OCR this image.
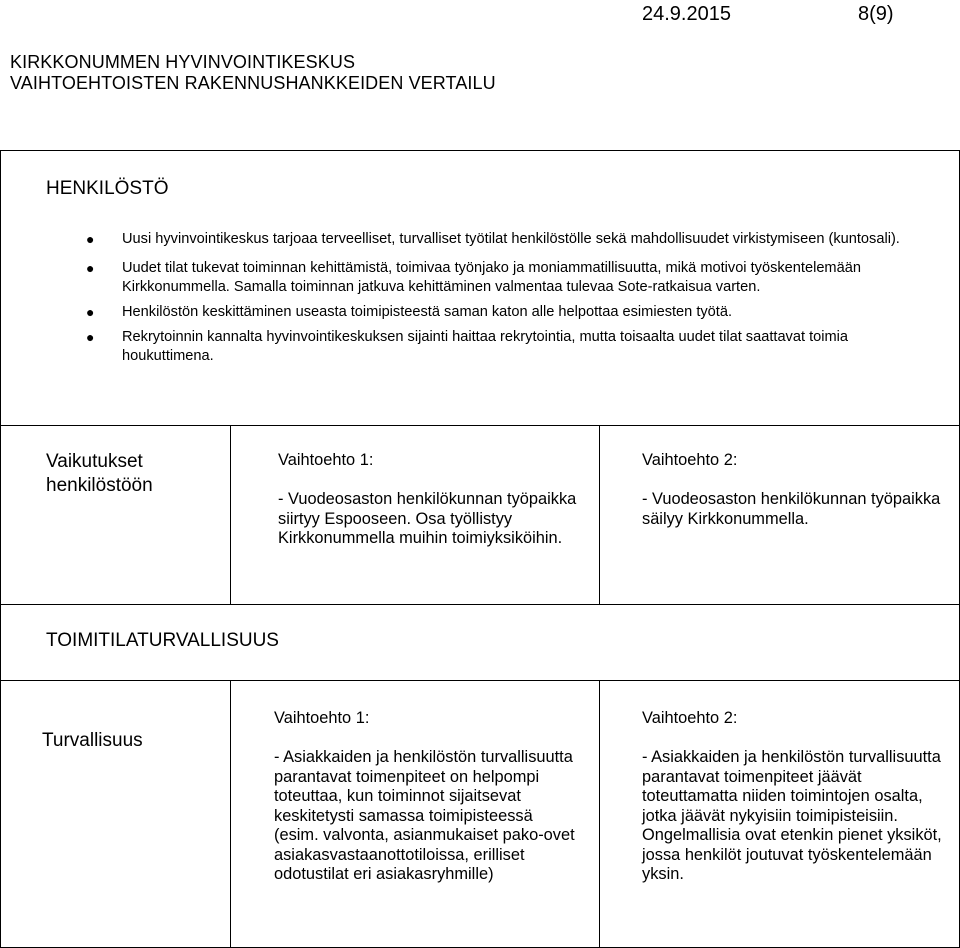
24.9.2015	8(9)
KIRKKONUMMEN HYVINVOINTIKESKUS
VAIHTOEHTOISTEN RAKENNUSHANKKEIDEN VERTAILU
HENKILÖSTÖ
● Uusi hyvinvointikeskus tarjoaa terveelliset, turvalliset työtilat henkilöstölle sekä mahdollisuudet virkistymiseen (kuntosali).
● Uudet tilat tukevat toiminnan kehittämistä, toimivaa työnjako ja moniammatillisuutta, mikä motivoi työskentelemään Kirkkonummella. Samalla toiminnan jatkuva kehittäminen valmentaa tulevaa Sote-ratkaisua varten.
● Henkilöstön keskittäminen useasta toimipisteestä saman katon alle helpottaa esimiesten työtä.
● Rekrytoinnin kannalta hyvinvointikeskuksen sijainti haittaa rekrytointia, mutta toisaalta uudet tilat saattavat toimia houkuttimena.
Vaikutukset henkilöstöön
Vaihtoehto 1:
- Vuodeosaston henkilökunnan työpaikka siirtyy Espooseen. Osa työllistyy Kirkkonummella muihin toimiyksiköihin.
Vaihtoehto 2:
- Vuodeosaston henkilökunnan työpaikka säilyy Kirkkonummella.
TOIMITILATURVALLISUUS
Turvallisuus
Vaihtoehto 1:
- Asiakkaiden ja henkilöstön turvallisuutta parantavat toimenpiteet on helpompi toteuttaa, kun toiminnot sijaitsevat keskitetysti samassa toimipisteessä (esim. valvonta, asianmukaiset pako-ovet asiakasvastaanottotiloissa, erilliset odotustilat eri asiakasryhmille)
Vaihtoehto 2:
- Asiakkaiden ja henkilöstön turvallisuutta parantavat toimenpiteet jäävät toteuttamatta niiden toimintojen osalta, jotka jäävät nykyisiin toimipisteisiin. Ongelmallisia ovat etenkin pienet yksiköt, jossa henkilöt joutuvat työskentelemään yksin.
